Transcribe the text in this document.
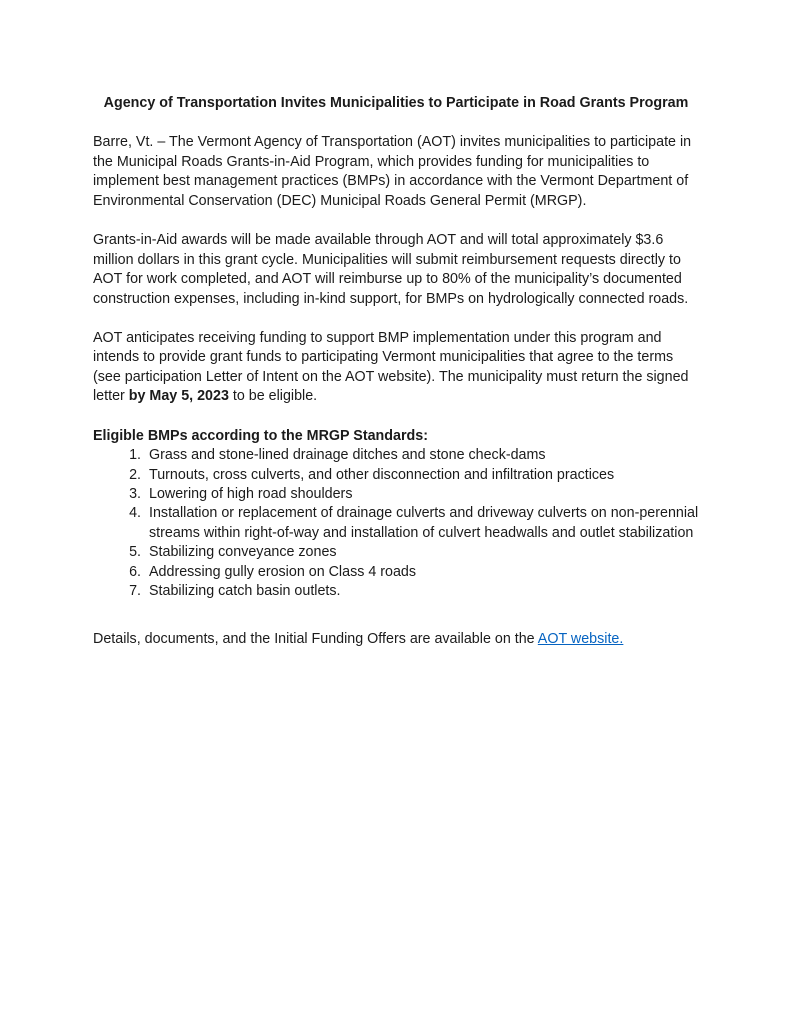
Agency of Transportation Invites Municipalities to Participate in Road Grants Program

Barre, Vt. – The Vermont Agency of Transportation (AOT) invites municipalities to participate in the Municipal Roads Grants-in-Aid Program, which provides funding for municipalities to implement best management practices (BMPs) in accordance with the Vermont Department of Environmental Conservation (DEC) Municipal Roads General Permit (MRGP).

Grants-in-Aid awards will be made available through AOT and will total approximately $3.6 million dollars in this grant cycle. Municipalities will submit reimbursement requests directly to AOT for work completed, and AOT will reimburse up to 80% of the municipality’s documented construction expenses, including in-kind support, for BMPs on hydrologically connected roads.

AOT anticipates receiving funding to support BMP implementation under this program and intends to provide grant funds to participating Vermont municipalities that agree to the terms (see participation Letter of Intent on the AOT website). The municipality must return the signed letter by May 5, 2023 to be eligible.

Eligible BMPs according to the MRGP Standards:

1. Grass and stone-lined drainage ditches and stone check-dams
2. Turnouts, cross culverts, and other disconnection and infiltration practices
3. Lowering of high road shoulders
4. Installation or replacement of drainage culverts and driveway culverts on non-perennial streams within right-of-way and installation of culvert headwalls and outlet stabilization
5. Stabilizing conveyance zones
6. Addressing gully erosion on Class 4 roads
7. Stabilizing catch basin outlets.

Details, documents, and the Initial Funding Offers are available on the AOT website.
